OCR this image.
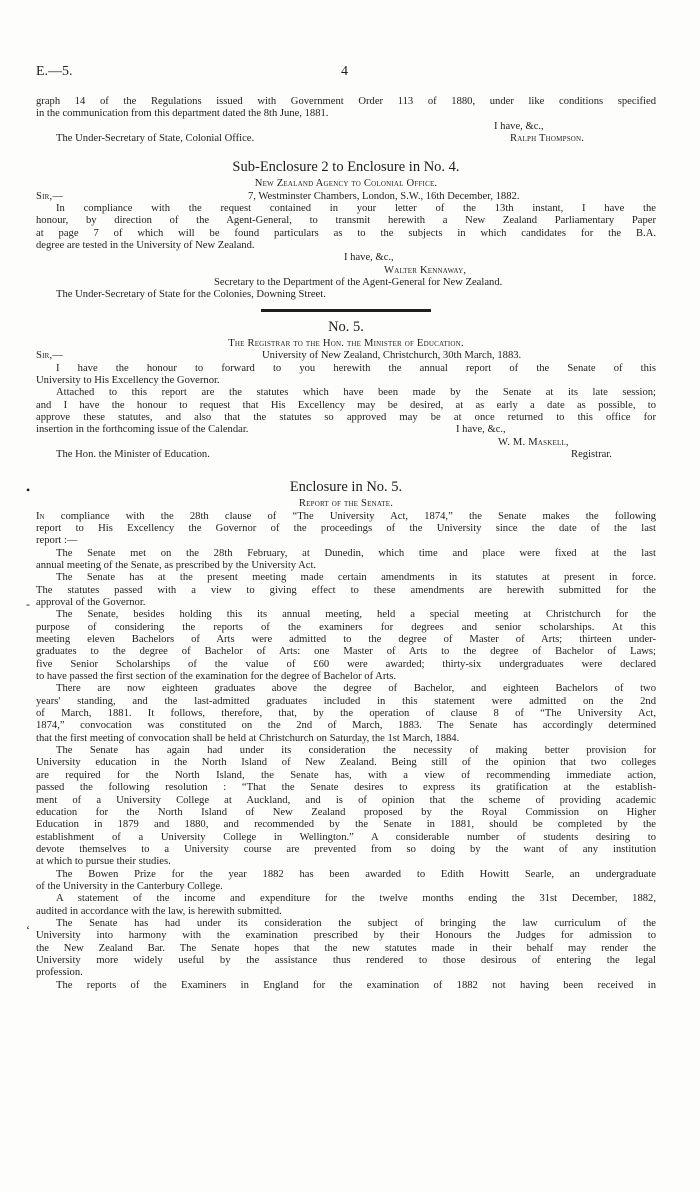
E.—5.	4

graph 14 of the Regulations issued with Government Order 113 of 1880, under like conditions specified

in the communication from this department dated the 8th June, 1881.

I have, &c.,
The Under-Secretary of State, Colonial Office.	Ralph Thompson.
Sub-Enclosure 2 to Enclosure in No. 4.
New Zealand Agency to Colonial Office.
Sir,—	7, Westminster Chambers, London, S.W., 16th December, 1882.

In compliance with the request contained in your letter of the 13th instant, I have the

honour, by direction of the Agent-General, to transmit herewith a New Zealand Parliamentary Paper

at page 7 of which will be found particulars as to the subjects in which candidates for the B.A.

degree are tested in the University of New Zealand.

I have, &c.,
Walter Kennaway,
Secretary to the Department of the Agent-General for New Zealand.
The Under-Secretary of State for the Colonies, Downing Street.
No. 5.
The Registrar to the Hon. the Minister of Education.
Sir,—	University of New Zealand, Christchurch, 30th March, 1883.

I have the honour to forward to you herewith the annual report of the Senate of this

University to His Excellency the Governor.

Attached to this report are the statutes which have been made by the Senate at its late session;

and I have the honour to request that His Excellency may be desired, at as early a date as possible, to

approve these statutes, and also that the statutes so approved may be at once returned to this office for

insertion in the forthcoming issue of the Calendar.	I have, &c.,
W. M. Maskell,
The Hon. the Minister of Education.	Registrar.
Enclosure in No. 5.
Report of the Senate.

In compliance with the 28th clause of “The University Act, 1874,” the Senate makes the following

report to His Excellency the Governor of the proceedings of the University since the date of the last

report :—

The Senate met on the 28th February, at Dunedin, which time and place were fixed at the last

annual meeting of the Senate, as prescribed by the University Act.

The Senate has at the present meeting made certain amendments in its statutes at present in force.

The statutes passed with a view to giving effect to these amendments are herewith submitted for the

approval of the Governor.

The Senate, besides holding this its annual meeting, held a special meeting at Christchurch for the

purpose of considering the reports of the examiners for degrees and senior scholarships. At this

meeting eleven Bachelors of Arts were admitted to the degree of Master of Arts; thirteen under-

graduates to the degree of Bachelor of Arts: one Master of Arts to the degree of Bachelor of Laws;

five Senior Scholarships of the value of £60 were awarded; thirty-six undergraduates were declared

to have passed the first section of the examination for the degree of Bachelor of Arts.

There are now eighteen graduates above the degree of Bachelor, and eighteen Bachelors of two

years' standing, and the last-admitted graduates included in this statement were admitted on the 2nd

of March, 1881. It follows, therefore, that, by the operation of clause 8 of “The University Act,

1874,” convocation was constituted on the 2nd of March, 1883. The Senate has accordingly determined

that the first meeting of convocation shall be held at Christchurch on Saturday, the 1st March, 1884.

The Senate has again had under its consideration the necessity of making better provision for

University education in the North Island of New Zealand. Being still of the opinion that two colleges

are required for the North Island, the Senate has, with a view of recommending immediate action,

passed the following resolution : “That the Senate desires to express its gratification at the establish-

ment of a University College at Auckland, and is of opinion that the scheme of providing academic

education for the North Island of New Zealand proposed by the Royal Commission on Higher

Education in 1879 and 1880, and recommended by the Senate in 1881, should be completed by the

establishment of a University College in Wellington.” A considerable number of students desiring to

devote themselves to a University course are prevented from so doing by the want of any institution

at which to pursue their studies.

The Bowen Prize for the year 1882 has been awarded to Edith Howitt Searle, an undergraduate

of the University in the Canterbury College.

A statement of the income and expenditure for the twelve months ending the 31st December, 1882,

audited in accordance with the law, is herewith submitted.

The Senate has had under its consideration the subject of bringing the law curriculum of the

University into harmony with the examination prescribed by their Honours the Judges for admission to

the New Zealand Bar. The Senate hopes that the new statutes made in their behalf may render the

University more widely useful by the assistance thus rendered to those desirous of entering the legal

profession.

The reports of the Examiners in England for the examination of 1882 not having been received in

•
-
‘
